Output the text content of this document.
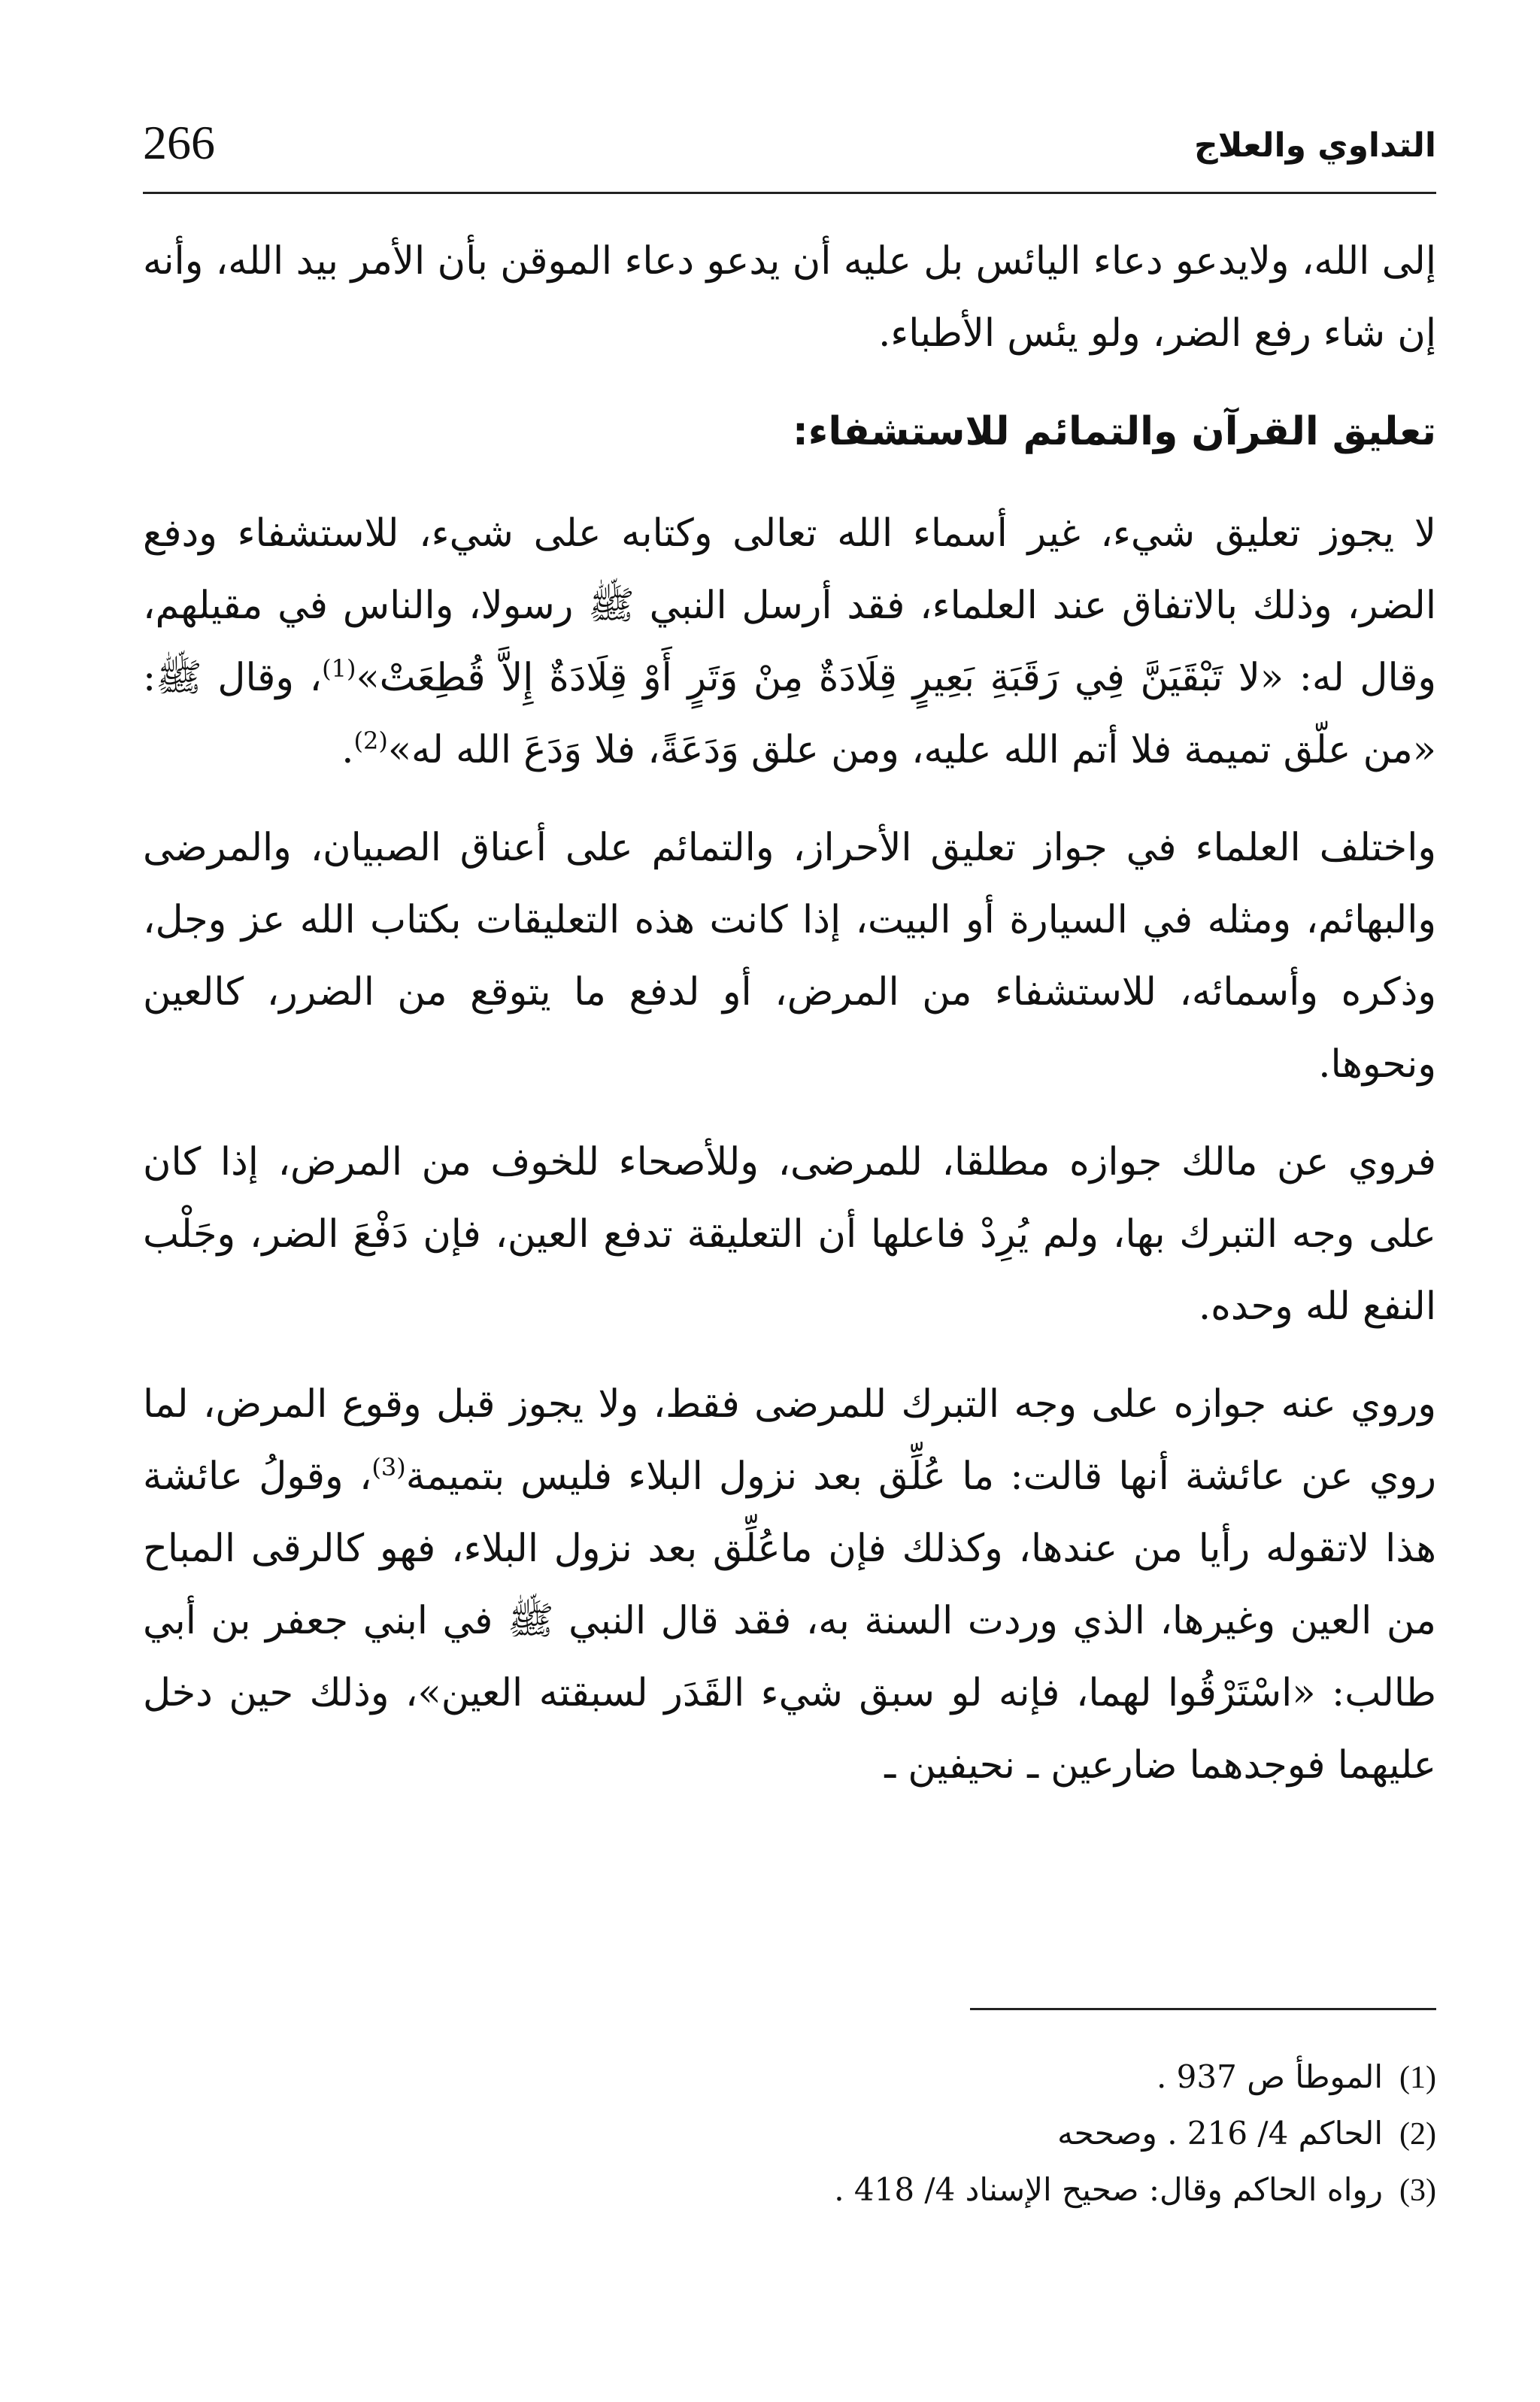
266	التداوي والعلاج

إلى الله، ولايدعو دعاء اليائس بل عليه أن يدعو دعاء الموقن بأن الأمر بيد الله، وأنه إن شاء رفع الضر، ولو يئس الأطباء.

تعليق القرآن والتمائم للاستشفاء:

لا يجوز تعليق شيء، غير أسماء الله تعالى وكتابه على شيء، للاستشفاء ودفع الضر، وذلك بالاتفاق عند العلماء، فقد أرسل النبي ﷺ رسولا، والناس في مقيلهم، وقال له: «لا تَبْقَيَنَّ فِي رَقَبَةِ بَعِيرٍ قِلَادَةٌ مِنْ وَتَرٍ أَوْ قِلَادَةٌ إِلاَّ قُطِعَتْ»$^{(1)}$، وقال ﷺ: «من علّق تميمة فلا أتم الله عليه، ومن علق وَدَعَةً، فلا وَدَعَ الله له»$^{(2)}$.

واختلف العلماء في جواز تعليق الأحراز، والتمائم على أعناق الصبيان، والمرضى والبهائم، ومثله في السيارة أو البيت، إذا كانت هذه التعليقات بكتاب الله عز وجل، وذكره وأسمائه، للاستشفاء من المرض، أو لدفع ما يتوقع من الضرر، كالعين ونحوها.

فروي عن مالك جوازه مطلقا، للمرضى، وللأصحاء للخوف من المرض، إذا كان على وجه التبرك بها، ولم يُرِدْ فاعلها أن التعليقة تدفع العين، فإن دَفْعَ الضر، وجَلْب النفع لله وحده.

وروي عنه جوازه على وجه التبرك للمرضى فقط، ولا يجوز قبل وقوع المرض، لما روي عن عائشة أنها قالت: ما عُلِّق بعد نزول البلاء فليس بتميمة$^{(3)}$، وقولُ عائشة هذا لاتقوله رأيا من عندها، وكذلك فإن ماعُلِّق بعد نزول البلاء، فهو كالرقى المباح من العين وغيرها، الذي وردت السنة به، فقد قال النبي ﷺ في ابني جعفر بن أبي طالب: «اسْتَرْقُوا لهما، فإنه لو سبق شيء القَدَر لسبقته العين»، وذلك حين دخل عليهما فوجدهما ضارعين ـ نحيفين ـ

(1)الموطأ ص 937 .

(2)الحاكم 4/ 216 . وصححه

(3)رواه الحاكم وقال: صحيح الإسناد 4/ 418 .
